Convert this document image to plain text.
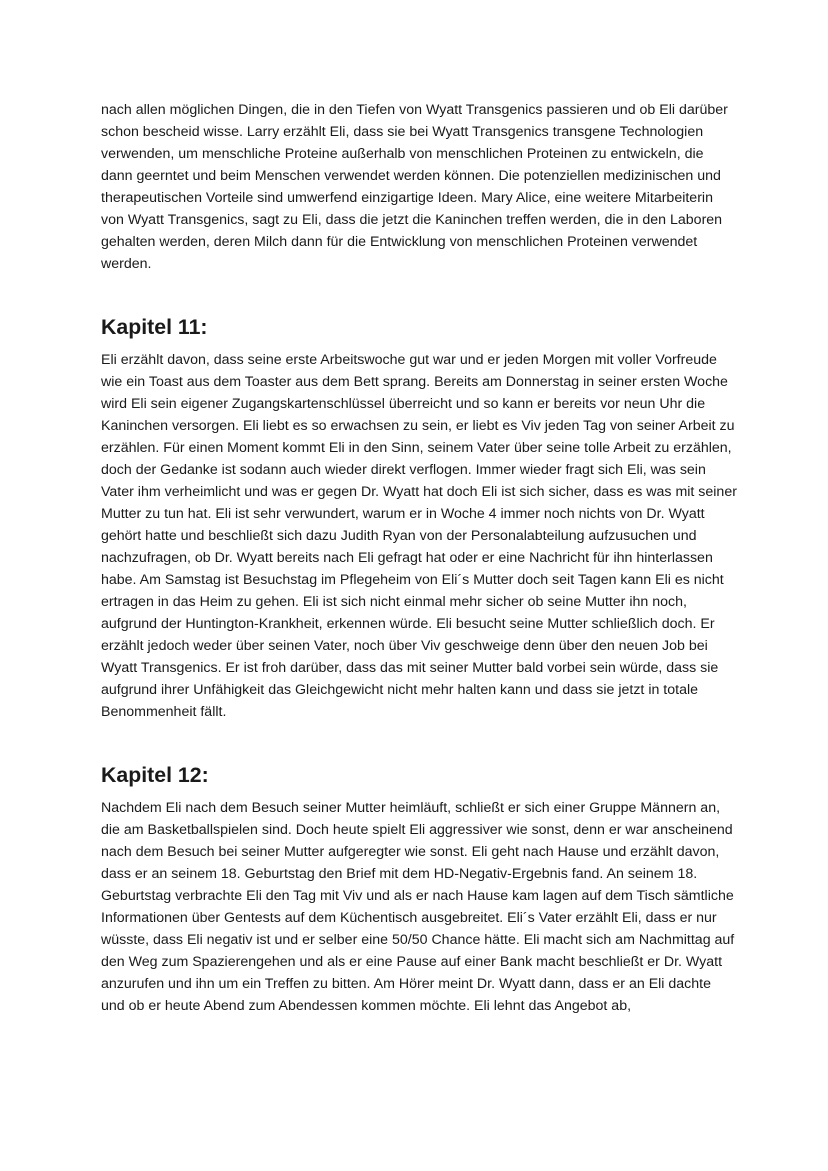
nach allen möglichen Dingen, die in den Tiefen von Wyatt Transgenics passieren und ob Eli darüber schon bescheid wisse. Larry erzählt Eli, dass sie bei Wyatt Transgenics transgene Technologien verwenden, um menschliche Proteine außerhalb von menschlichen Proteinen zu entwickeln, die dann geerntet und beim Menschen verwendet werden können. Die potenziellen medizinischen und therapeutischen Vorteile sind umwerfend einzigartige Ideen. Mary Alice, eine weitere Mitarbeiterin von Wyatt Transgenics, sagt zu Eli, dass die jetzt die Kaninchen treffen werden, die in den Laboren gehalten werden, deren Milch dann für die Entwicklung von menschlichen Proteinen verwendet werden.

Kapitel 11:

Eli erzählt davon, dass seine erste Arbeitswoche gut war und er jeden Morgen mit voller Vorfreude wie ein Toast aus dem Toaster aus dem Bett sprang. Bereits am Donnerstag in seiner ersten Woche wird Eli sein eigener Zugangskartenschlüssel überreicht und so kann er bereits vor neun Uhr die Kaninchen versorgen. Eli liebt es so erwachsen zu sein, er liebt es Viv jeden Tag von seiner Arbeit zu erzählen. Für einen Moment kommt Eli in den Sinn, seinem Vater über seine tolle Arbeit zu erzählen, doch der Gedanke ist sodann auch wieder direkt verflogen. Immer wieder fragt sich Eli, was sein Vater ihm verheimlicht und was er gegen Dr. Wyatt hat doch Eli ist sich sicher, dass es was mit seiner Mutter zu tun hat. Eli ist sehr verwundert, warum er in Woche 4 immer noch nichts von Dr. Wyatt gehört hatte und beschließt sich dazu Judith Ryan von der Personalabteilung aufzusuchen und nachzufragen, ob Dr. Wyatt bereits nach Eli gefragt hat oder er eine Nachricht für ihn hinterlassen habe. Am Samstag ist Besuchstag im Pflegeheim von Eli´s Mutter doch seit Tagen kann Eli es nicht ertragen in das Heim zu gehen. Eli ist sich nicht einmal mehr sicher ob seine Mutter ihn noch, aufgrund der Huntington-Krankheit, erkennen würde. Eli besucht seine Mutter schließlich doch. Er erzählt jedoch weder über seinen Vater, noch über Viv geschweige denn über den neuen Job bei Wyatt Transgenics. Er ist froh darüber, dass das mit seiner Mutter bald vorbei sein würde, dass sie aufgrund ihrer Unfähigkeit das Gleichgewicht nicht mehr halten kann und dass sie jetzt in totale Benommenheit fällt.

Kapitel 12:

Nachdem Eli nach dem Besuch seiner Mutter heimläuft, schließt er sich einer Gruppe Männern an, die am Basketballspielen sind. Doch heute spielt Eli aggressiver wie sonst, denn er war anscheinend nach dem Besuch bei seiner Mutter aufgeregter wie sonst. Eli geht nach Hause und erzählt davon, dass er an seinem 18. Geburtstag den Brief mit dem HD-Negativ-Ergebnis fand. An seinem 18. Geburtstag verbrachte Eli den Tag mit Viv und als er nach Hause kam lagen auf dem Tisch sämtliche Informationen über Gentests auf dem Küchentisch ausgebreitet. Eli´s Vater erzählt Eli, dass er nur wüsste, dass Eli negativ ist und er selber eine 50/50 Chance hätte. Eli macht sich am Nachmittag auf den Weg zum Spazierengehen und als er eine Pause auf einer Bank macht beschließt er Dr. Wyatt anzurufen und ihn um ein Treffen zu bitten. Am Hörer meint Dr. Wyatt dann, dass er an Eli dachte und ob er heute Abend zum Abendessen kommen möchte. Eli lehnt das Angebot ab,
